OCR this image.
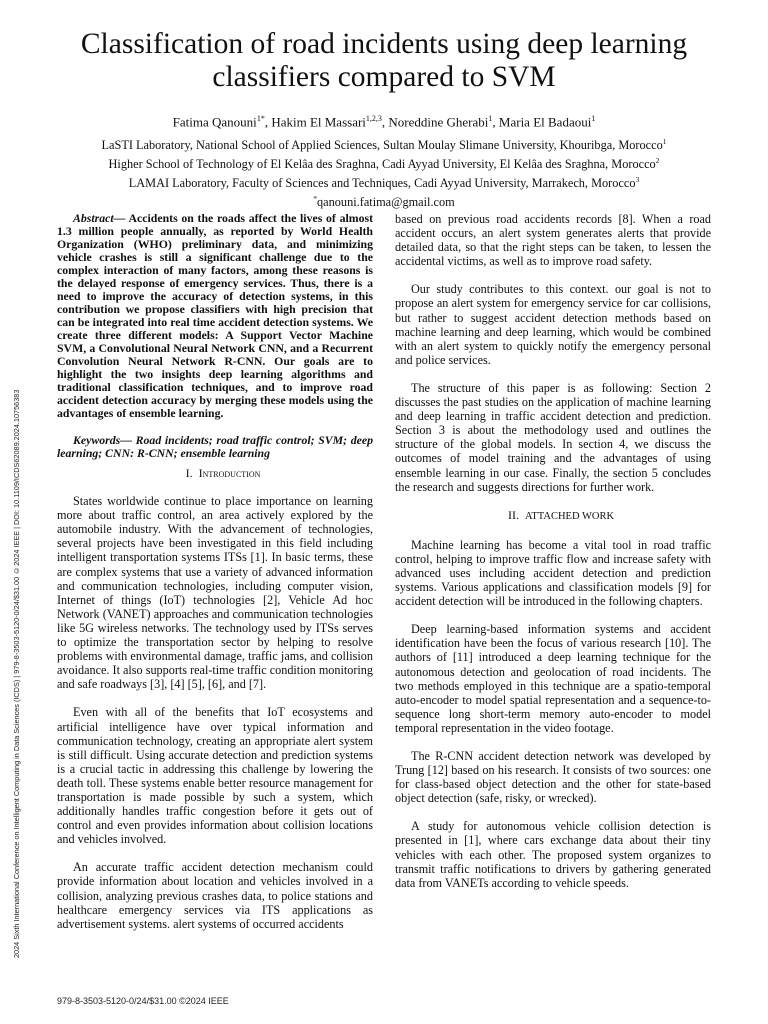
2024 Sixth International Conference on Intelligent Computing in Data Sciences (ICDS) | 979-8-3503-5120-0/24/$31.00 ©2024 IEEE | DOI: 10.1109/ICDS62089.2024.10756383
Classification of road incidents using deep learning classifiers compared to SVM
Fatima Qanouni$^{1*}$, Hakim El Massari$^{1,2,3}$, Noreddine Gherabi$^1$, Maria El Badaoui$^1$
LaSTI Laboratory, National School of Applied Sciences, Sultan Moulay Slimane University, Khouribga, Morocco$^1$
Higher School of Technology of El Kelâa des Sraghna, Cadi Ayyad University, El Kelâa des Sraghna, Morocco$^2$
LAMAI Laboratory, Faculty of Sciences and Techniques, Cadi Ayyad University, Marrakech, Morocco$^3$
*qanouni.fatima@gmail.com

Abstract— Accidents on the roads affect the lives of almost 1.3 million people annually, as reported by World Health Organization (WHO) preliminary data, and minimizing vehicle crashes is still a significant challenge due to the complex interaction of many factors, among these reasons is the delayed response of emergency services. Thus, there is a need to improve the accuracy of detection systems, in this contribution we propose classifiers with high precision that can be integrated into real time accident detection systems. We create three different models: A Support Vector Machine SVM, a Convolutional Neural Network CNN, and a Recurrent Convolution Neural Network R-CNN. Our goals are to highlight the two insights deep learning algorithms and traditional classification techniques, and to improve road accident detection accuracy by merging these models using the advantages of ensemble learning.

Keywords— Road incidents; road traffic control; SVM; deep learning; CNN: R-CNN; ensemble learning

I. Introduction

States worldwide continue to place importance on learning more about traffic control, an area actively explored by the automobile industry. With the advancement of technologies, several projects have been investigated in this field including intelligent transportation systems ITSs [1]. In basic terms, these are complex systems that use a variety of advanced information and communication technologies, including computer vision, Internet of things (IoT) technologies [2], Vehicle Ad hoc Network (VANET) approaches and communication technologies like 5G wireless networks. The technology used by ITSs serves to optimize the transportation sector by helping to resolve problems with environmental damage, traffic jams, and collision avoidance. It also supports real-time traffic condition monitoring and safe roadways [3], [4] [5], [6], and [7].

Even with all of the benefits that IoT ecosystems and artificial intelligence have over typical information and communication technology, creating an appropriate alert system is still difficult. Using accurate detection and prediction systems is a crucial tactic in addressing this challenge by lowering the death toll. These systems enable better resource management for transportation is made possible by such a system, which additionally handles traffic congestion before it gets out of control and even provides information about collision locations and vehicles involved.

An accurate traffic accident detection mechanism could provide information about location and vehicles involved in a collision, analyzing previous crashes data, to police stations and healthcare emergency services via ITS applications as advertisement systems. alert systems of occurred accidents

based on previous road accidents records [8]. When a road accident occurs, an alert system generates alerts that provide detailed data, so that the right steps can be taken, to lessen the accidental victims, as well as to improve road safety.

Our study contributes to this context. our goal is not to propose an alert system for emergency service for car collisions, but rather to suggest accident detection methods based on machine learning and deep learning, which would be combined with an alert system to quickly notify the emergency personal and police services.

The structure of this paper is as following: Section 2 discusses the past studies on the application of machine learning and deep learning in traffic accident detection and prediction. Section 3 is about the methodology used and outlines the structure of the global models. In section 4, we discuss the outcomes of model training and the advantages of using ensemble learning in our case. Finally, the section 5 concludes the research and suggests directions for further work.

II. ATTACHED WORK

Machine learning has become a vital tool in road traffic control, helping to improve traffic flow and increase safety with advanced uses including accident detection and prediction systems. Various applications and classification models [9] for accident detection will be introduced in the following chapters.

Deep learning-based information systems and accident identification have been the focus of various research [10]. The authors of [11] introduced a deep learning technique for the autonomous detection and geolocation of road incidents. The two methods employed in this technique are a spatio-temporal auto-encoder to model spatial representation and a sequence-to-sequence long short-term memory auto-encoder to model temporal representation in the video footage.

The R-CNN accident detection network was developed by Trung [12] based on his research. It consists of two sources: one for class-based object detection and the other for state-based object detection (safe, risky, or wrecked).

A study for autonomous vehicle collision detection is presented in [1], where cars exchange data about their tiny vehicles with each other. The proposed system organizes to transmit traffic notifications to drivers by gathering generated data from VANETs according to vehicle speeds.

979-8-3503-5120-0/24/$31.00 ©2024 IEEE
